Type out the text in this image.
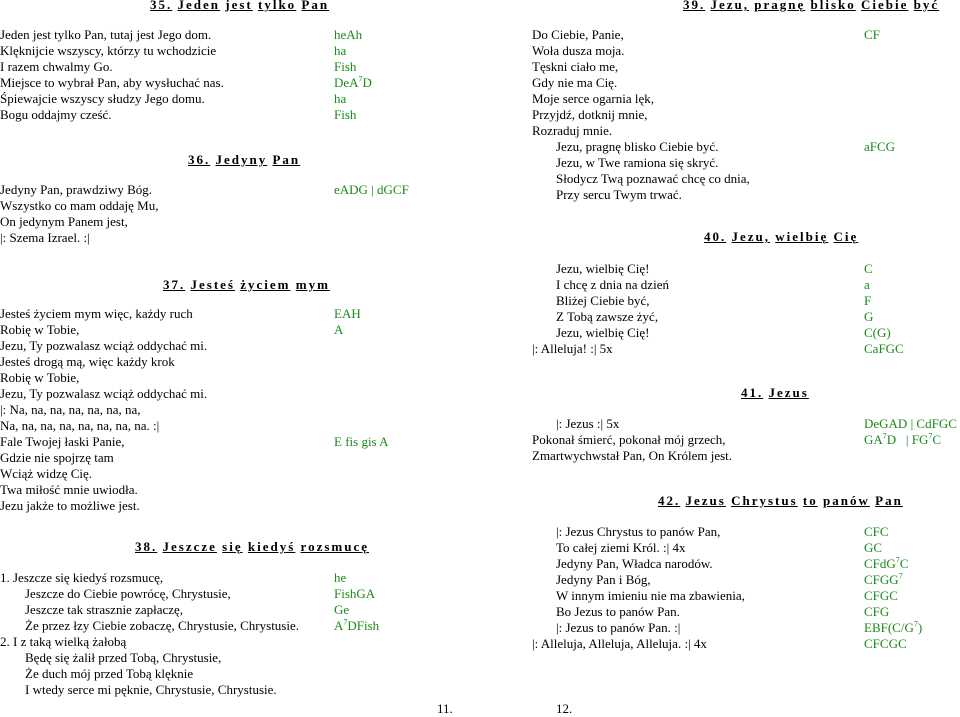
35. Jeden jest tylko Pan
Jeden jest tylko Pan, tutaj jest Jego dom.
Klęknijcie wszyscy, którzy tu wchodzicie
I razem chwalmy Go.
Miejsce to wybrał Pan, aby wysłuchać nas.
Śpiewajcie wszyscy słudzy Jego domu.
Bogu oddajmy cześć.
heAh
ha
Fish
DeA$^7$D
ha
Fish
36. Jedyny Pan
Jedyny Pan, prawdziwy Bóg.
Wszystko co mam oddaję Mu,
On jedynym Panem jest,
|: Szema Izrael. :|
eADG | dGCF
37. Jesteś życiem mym
Jesteś życiem mym więc, każdy ruch
Robię w Tobie,
Jezu, Ty pozwalasz wciąż oddychać mi.
Jesteś drogą mą, więc każdy krok
Robię w Tobie,
Jezu, Ty pozwalasz wciąż oddychać mi.
|: Na, na, na, na, na, na, na,
Na, na, na, na, na, na, na, na. :|
Fale Twojej łaski Panie,
Gdzie nie spojrzę tam
Wciąż widzę Cię.
Twa miłość mnie uwiodła.
Jezu jakże to możliwe jest.
EAH
A
E fis gis A
38. Jeszcze się kiedyś rozsmucę
1. Jeszcze się kiedyś rozsmucę,
Jeszcze do Ciebie powrócę, Chrystusie,
Jeszcze tak strasznie zapłaczę,
Że przez łzy Ciebie zobaczę, Chrystusie, Chrystusie.
2. I z taką wielką żałobą
Będę się żalił przed Tobą, Chrystusie,
Że duch mój przed Tobą klęknie
I wtedy serce mi pęknie, Chrystusie, Chrystusie.
he
FishGA
Ge
$A^7DFish$
39. Jezu, pragnę blisko Ciebie być
Do Ciebie, Panie,
Woła dusza moja.
Tęskni ciało me,
Gdy nie ma Cię.
Moje serce ogarnia lęk,
Przyjdź, dotknij mnie,
Rozraduj mnie.
Jezu, pragnę blisko Ciebie być.
Jezu, w Twe ramiona się skryć.
Słodycz Twą poznawać chcę co dnia,
Przy sercu Twym trwać.
CF
aFCG
40. Jezu, wielbię Cię
Jezu, wielbię Cię!
I chcę z dnia na dzień
Bliżej Ciebie być,
Z Tobą zawsze żyć,
Jezu, wielbię Cię!
|: Alleluja! :| 5x
C
a
F
G
C(G)
CaFGC
41. Jezus
|: Jezus :| 5x
Pokonał śmierć, pokonał mój grzech,
Zmartwychwstał Pan, On Królem jest.
DeGAD | CdFGC
$GA^7D$   | $FG^7C$
42. Jezus Chrystus to panów Pan
|: Jezus Chrystus to panów Pan,
To całej ziemi Król. :| 4x
Jedyny Pan, Władca narodów.
Jedyny Pan i Bóg,
W innym imieniu nie ma zbawienia,
Bo Jezus to panów Pan.
|: Jezus to panów Pan. :|
|: Alleluja, Alleluja, Alleluja. :| 4x
CFC
GC
CFdG$^7$C
CFGG$^7$
CFGC
CFG
$EBF(C/G^7)$
CFCGC
11.	12.
